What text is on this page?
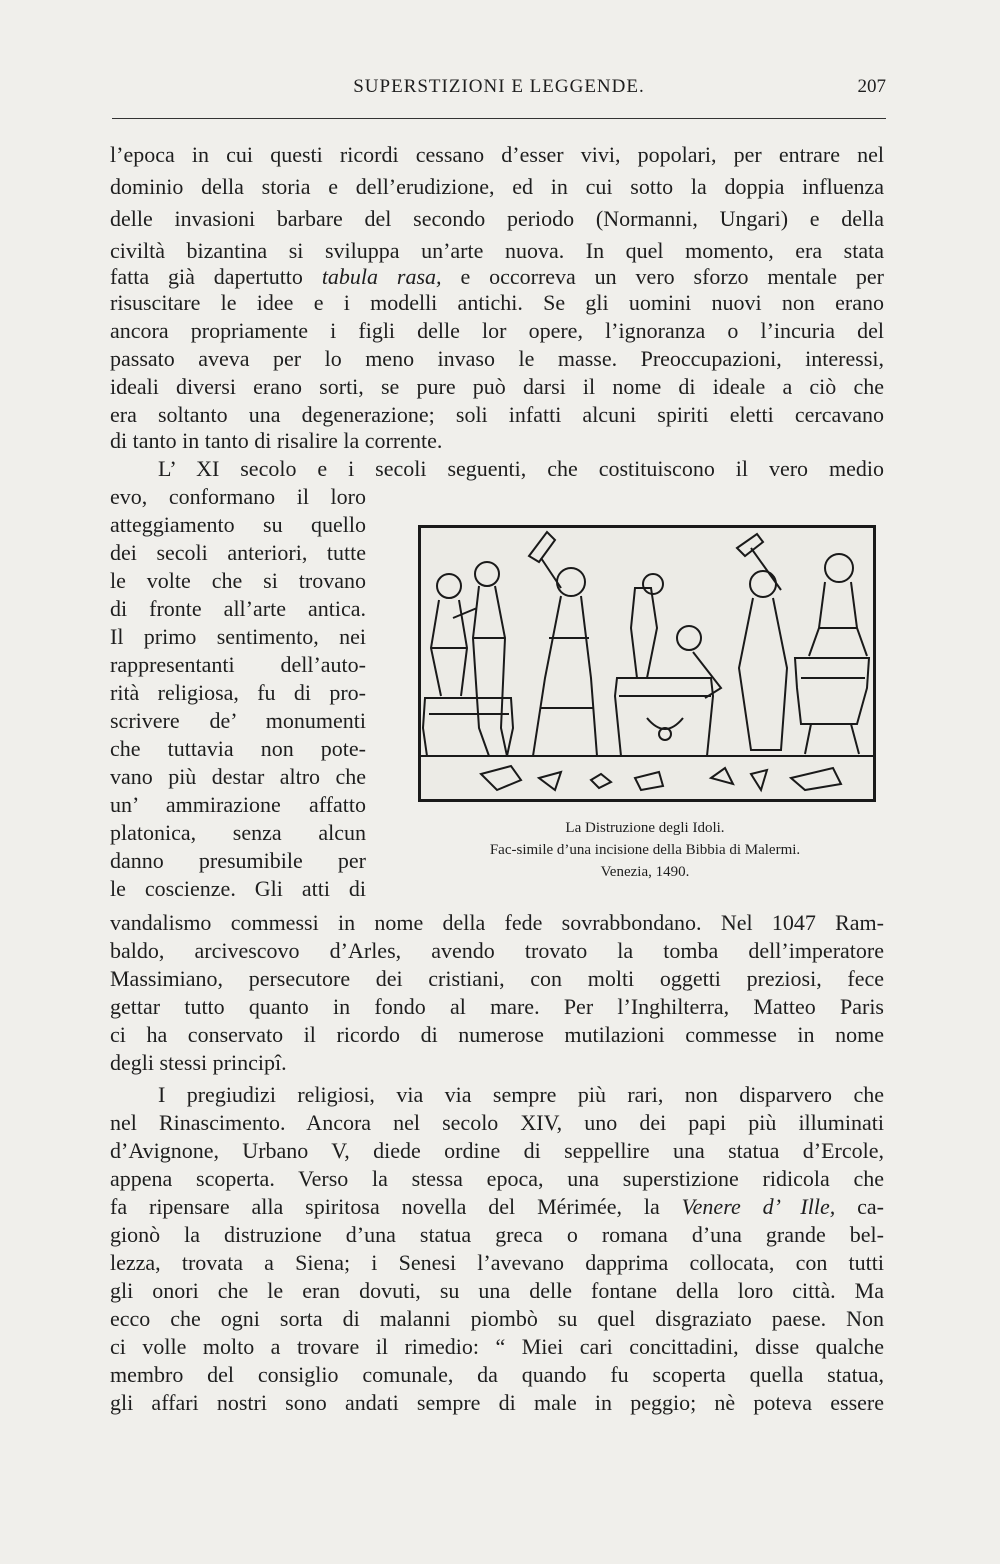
SUPERSTIZIONI E LEGGENDE.	207
l’epoca in cui questi ricordi cessano d’esser vivi, popolari, per entrare nel
dominio della storia e dell’erudizione, ed in cui sotto la doppia influenza
delle invasioni barbare del secondo periodo (Normanni, Ungari) e della
civiltà bizantina si sviluppa un’arte nuova. In quel momento, era stata
fatta già dapertutto tabula rasa, e occorreva un vero sforzo mentale per
risuscitare le idee e i modelli antichi. Se gli uomini nuovi non erano
ancora propriamente i figli delle lor opere, l’ignoranza o l’incuria del
passato aveva per lo meno invaso le masse. Preoccupazioni, interessi,
ideali diversi erano sorti, se pure può darsi il nome di ideale a ciò che
era soltanto una degenerazione; soli infatti alcuni spiriti eletti cercavano
di tanto in tanto di risalire la corrente.
L’ XI secolo e i secoli seguenti, che costituiscono il vero medio
evo, conformano il loro
atteggiamento su quello
dei secoli anteriori, tutte
le volte che si trovano
di fronte all’arte antica.
Il primo sentimento, nei
rappresentanti dell’auto-
rità religiosa, fu di pro-
scrivere de’ monumenti
che tuttavia non pote-
vano più destar altro che
un’ ammirazione affatto
platonica, senza alcun
danno presumibile per
le coscienze. Gli atti di
La Distruzione degli Idoli.
Fac-simile d’una incisione della Bibbia di Malermi.
Venezia, 1490.
vandalismo commessi in nome della fede sovrabbondano. Nel 1047 Ram-
baldo, arcivescovo d’Arles, avendo trovato la tomba dell’imperatore
Massimiano, persecutore dei cristiani, con molti oggetti preziosi, fece
gettar tutto quanto in fondo al mare. Per l’Inghilterra, Matteo Paris
ci ha conservato il ricordo di numerose mutilazioni commesse in nome
degli stessi principî.
I pregiudizi religiosi, via via sempre più rari, non disparvero che
nel Rinascimento. Ancora nel secolo XIV, uno dei papi più illuminati
d’Avignone, Urbano V, diede ordine di seppellire una statua d’Ercole,
appena scoperta. Verso la stessa epoca, una superstizione ridicola che
fa ripensare alla spiritosa novella del Mérimée, la Venere d’ Ille, ca-
gionò la distruzione d’una statua greca o romana d’una grande bel-
lezza, trovata a Siena; i Senesi l’avevano dapprima collocata, con tutti
gli onori che le eran dovuti, su una delle fontane della loro città. Ma
ecco che ogni sorta di malanni piombò su quel disgraziato paese. Non
ci volle molto a trovare il rimedio: “ Miei cari concittadini, disse qualche
membro del consiglio comunale, da quando fu scoperta quella statua,
gli affari nostri sono andati sempre di male in peggio; nè poteva essere
